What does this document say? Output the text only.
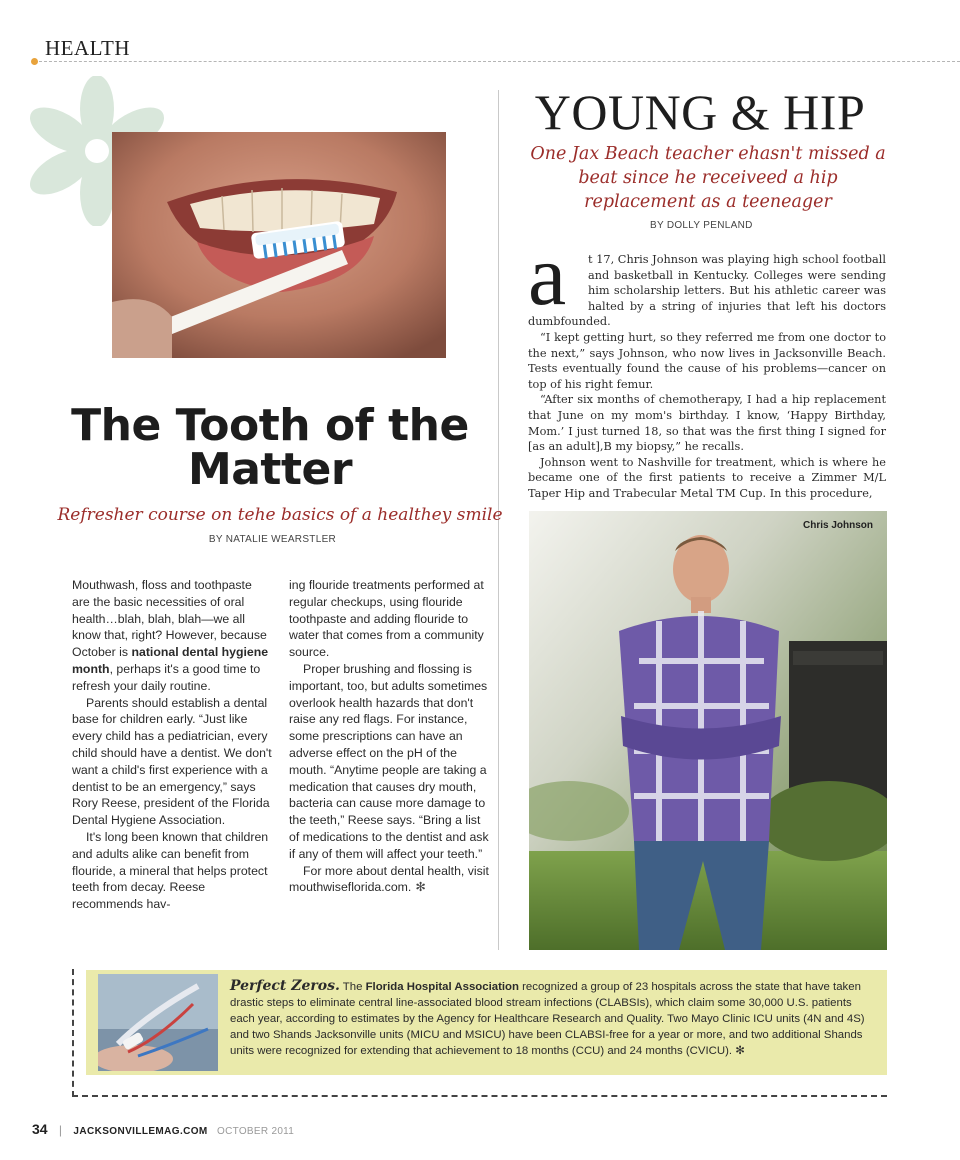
HEALTH
The Tooth of the Matter
Refresher course on tehe basics of a healthey smile
BY NATALIE WEARSTLER

Mouthwash, floss and toothpaste are the basic necessities of oral health…blah, blah, blah—we all know that, right? However, because October is national dental hygiene month, perhaps it's a good time to refresh your daily routine.

Parents should establish a dental base for children early. “Just like every child has a pediatrician, every child should have a dentist. We don't want a child's first experience with a dentist to be an emergency,” says Rory Reese, president of the Florida Dental Hygiene Association.

It's long been known that children and adults alike can benefit from flouride, a mineral that helps protect teeth from decay. Reese recommends hav-

ing flouride treatments performed at regular checkups, using flouride toothpaste and adding flouride to water that comes from a community source.

Proper brushing and flossing is important, too, but adults sometimes overlook health hazards that don't raise any red flags. For instance, some prescriptions can have an adverse effect on the pH of the mouth. “Anytime people are taking a medication that causes dry mouth, bacteria can cause more damage to the teeth,” Reese says. “Bring a list of medications to the dentist and ask if any of them will affect your teeth.”

For more about dental health, visit mouthwiseflorida.com. ✻

YOUNG & HIP
One Jax Beach teacher ehasn't missed a beat since he receiveed a hip replacement as a teeneager
BY DOLLY PENLAND
a	t 17, Chris Johnson was playing high school football and basketball in Kentucky. Colleges were sending him scholarship letters. But his athletic career was halted by a string of injuries that left his doctors dumbfounded.

“I kept getting hurt, so they referred me from one doctor to the next,” says Johnson, who now lives in Jacksonville Beach. Tests eventually found the cause of his problems—cancer on top of his right femur.

“After six months of chemotherapy, I had a hip replacement that June on my mom's birthday. I know, ‘Happy Birthday, Mom.’ I just turned 18, so that was the first thing I signed for [as an adult],B my biopsy,” he recalls.

Johnson went to Nashville for treatment, which is where he became one of the first patients to receive a Zimmer M/L Taper Hip and Trabecular Metal TM Cup. In this procedure,

Chris Johnson
Perfect Zeros. The Florida Hospital Association recognized a group of 23 hospitals across the state that have taken drastic steps to eliminate central line-associated blood stream infections (CLABSIs), which claim some 30,000 U.S. patients each year, according to estimates by the Agency for Healthcare Research and Quality. Two Mayo Clinic ICU units (4N and 4S) and two Shands Jacksonville units (MICU and MSICU) have been CLABSI-free for a year or more, and two additional Shands units were recognized for extending that achievement to 18 months (CCU) and 24 months (CVICU). ✻
34 | JACKSONVILLEMAG.COM OCTOBER 2011
